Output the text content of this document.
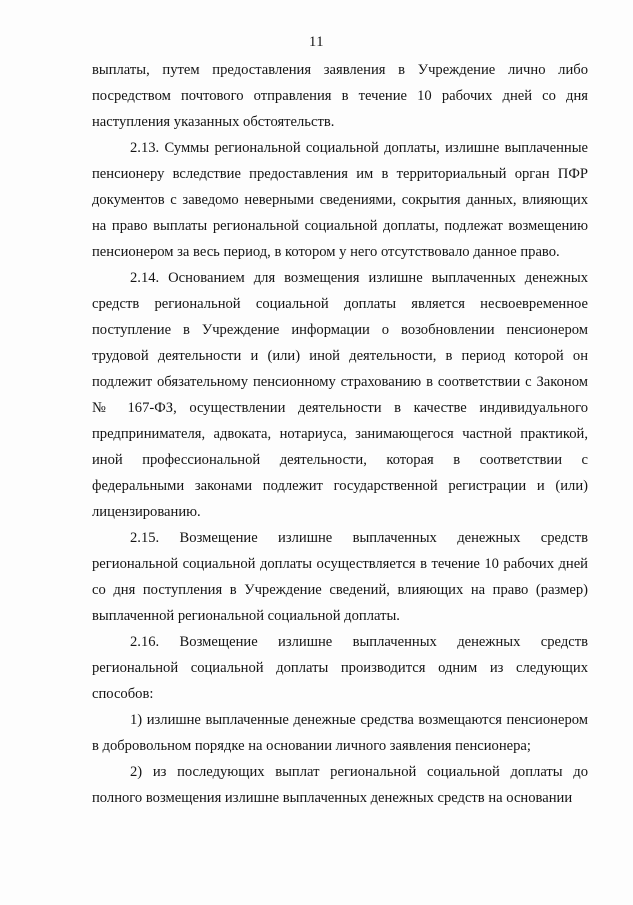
11

выплаты, путем предоставления заявления в Учреждение лично либо посредством почтового отправления в течение 10 рабочих дней со дня наступления указанных обстоятельств.

2.13. Суммы региональной социальной доплаты, излишне выплаченные пенсионеру вследствие предоставления им в территориальный орган ПФР документов с заведомо неверными сведениями, сокрытия данных, влияющих на право выплаты региональной социальной доплаты, подлежат возмещению пенсионером за весь период, в котором у него отсутствовало данное право.

2.14. Основанием для возмещения излишне выплаченных денежных средств региональной социальной доплаты является несвоевременное поступление в Учреждение информации о возобновлении пенсионером трудовой деятельности и (или) иной деятельности, в период которой он подлежит обязательному пенсионному страхованию в соответствии с Законом № 167-ФЗ, осуществлении деятельности в качестве индивидуального предпринимателя, адвоката, нотариуса, занимающегося частной практикой, иной профессиональной деятельности, которая в соответствии с федеральными законами подлежит государственной регистрации и (или) лицензированию.

2.15. Возмещение излишне выплаченных денежных средств региональной социальной доплаты осуществляется в течение 10 рабочих дней со дня поступления в Учреждение сведений, влияющих на право (размер) выплаченной региональной социальной доплаты.

2.16. Возмещение излишне выплаченных денежных средств региональной социальной доплаты производится одним из следующих способов:

1) излишне выплаченные денежные средства возмещаются пенсионером в добровольном порядке на основании личного заявления пенсионера;

2) из последующих выплат региональной социальной доплаты до полного возмещения излишне выплаченных денежных средств на основании
